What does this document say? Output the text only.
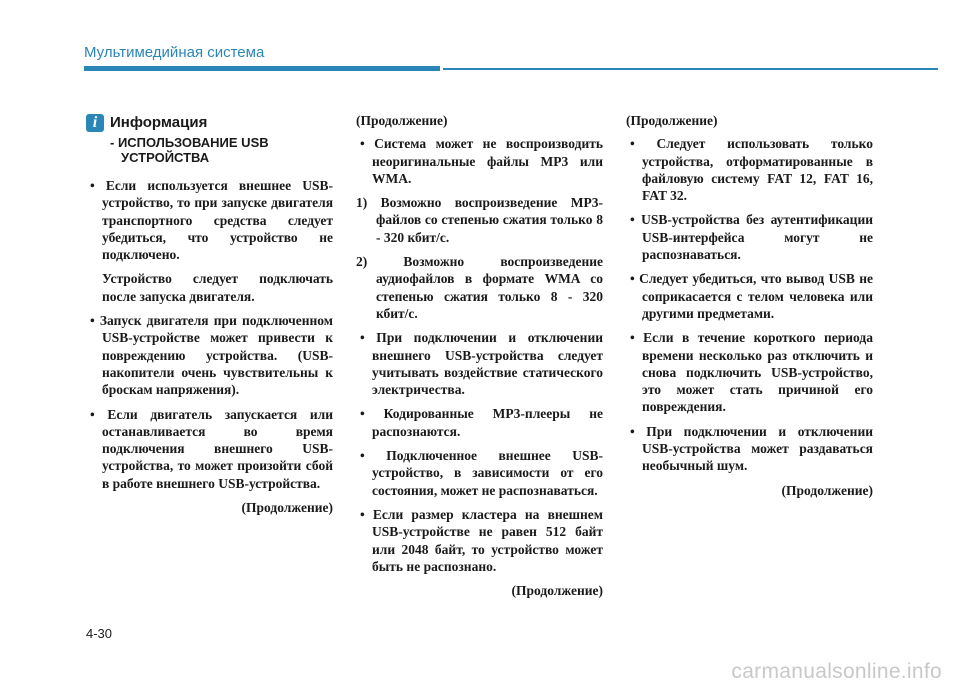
Мультимедийная система
i Информация
- ИСПОЛЬЗОВАНИЕ USB
УСТРОЙСТВА

• Если используется внешнее USB-устройство, то при запуске двигателя транспортного средства следует убедиться, что устройство не подключено.

Устройство следует подключать после запуска двигателя.

• Запуск двигателя при подключенном USB-устройстве может привести к повреждению устройства. (USB-накопители очень чувствительны к броскам напряжения).

• Если двигатель запускается или останавливается во время подключения внешнего USB-устройства, то может произойти сбой в работе внешнего USB-устройства.

(Продолжение)
(Продолжение)

• Система может не воспроизводить неоригинальные файлы MP3 или WMA.

1) Возможно воспроизведение MP3-файлов со степенью сжатия только 8 - 320 кбит/с.

2) Возможно воспроизведение аудиофайлов в формате WMA со степенью сжатия только 8 - 320 кбит/с.

• При подключении и отключении внешнего USB-устройства следует учитывать воздействие статического электричества.

• Кодированные MP3-плееры не распознаются.

• Подключенное внешнее USB-устройство, в зависимости от его состояния, может не распознаваться.

• Если размер кластера на внешнем USB-устройстве не равен 512 байт или 2048 байт, то устройство может быть не распознано.

(Продолжение)
(Продолжение)

• Следует использовать только устройства, отформатированные в файловую систему FAT 12, FAT 16, FAT 32.

• USB-устройства без аутентификации USB-интерфейса могут не распознаваться.

• Следует убедиться, что вывод USB не соприкасается с телом человека или другими предметами.

• Если в течение короткого периода времени несколько раз отключить и снова подключить USB-устройство, это может стать причиной его повреждения.

• При подключении и отключении USB-устройства может раздаваться необычный шум.

(Продолжение)
4-30
carmanualsonline.info
